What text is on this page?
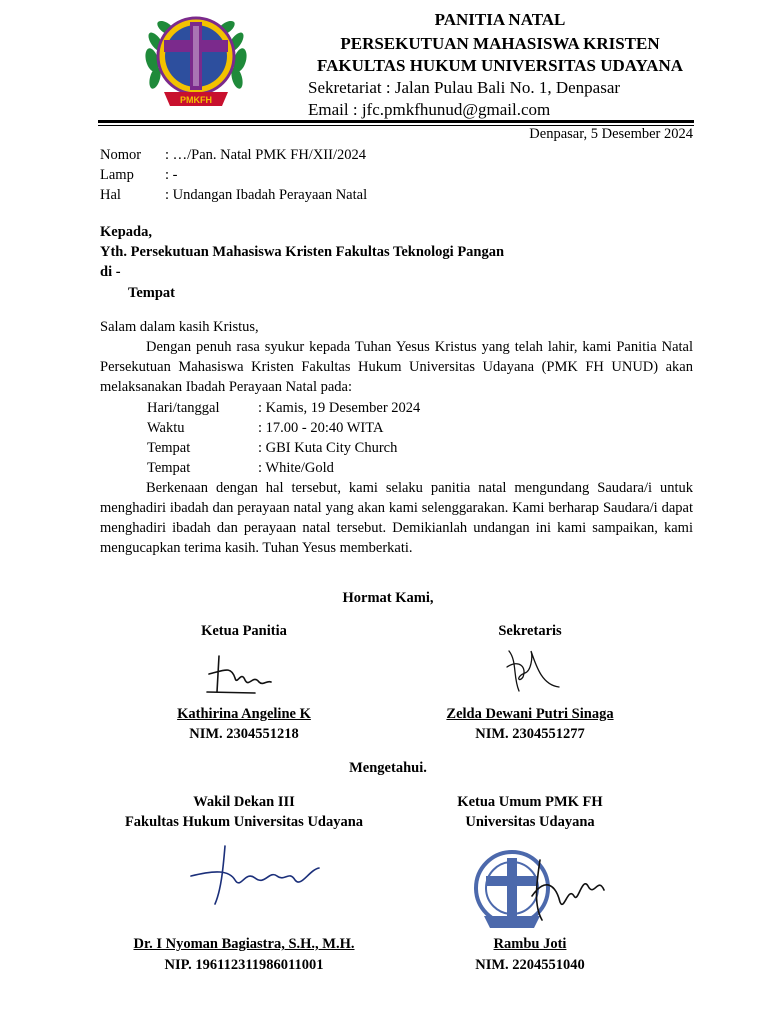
PMKFH
PANITIA NATAL
PERSEKUTUAN MAHASISWA KRISTEN
FAKULTAS HUKUM UNIVERSITAS UDAYANA
Sekretariat : Jalan Pulau Bali No. 1, Denpasar
Email : jfc.pmkfhunud@gmail.com
Denpasar, 5 Desember 2024
Nomor : …/Pan. Natal PMK FH/XII/2024
Lamp : -
Hal	: Undangan Ibadah Perayaan Natal
Kepada,
Yth. Persekutuan Mahasiswa Kristen Fakultas Teknologi Pangan
di -
Tempat
Salam dalam kasih Kristus,
Dengan penuh rasa syukur kepada Tuhan Yesus Kristus yang telah lahir, kami Panitia Natal Persekutuan Mahasiswa Kristen Fakultas Hukum Universitas Udayana (PMK FH UNUD) akan melaksanakan Ibadah Perayaan Natal pada:
Hari/tanggal	: Kamis, 19 Desember 2024
Waktu	: 17.00 - 20:40 WITA
Tempat	: GBI Kuta City Church
Tempat	: White/Gold
Berkenaan dengan hal tersebut, kami selaku panitia natal mengundang Saudara/i untuk menghadiri ibadah dan perayaan natal yang akan kami selenggarakan. Kami berharap Saudara/i dapat menghadiri ibadah dan perayaan natal tersebut. Demikianlah undangan ini kami sampaikan, kami mengucapkan terima kasih. Tuhan Yesus memberkati.
Hormat Kami,
Ketua Panitia	Sekretaris
Kathirina Angeline K	Zelda Dewani Putri Sinaga
NIM. 2304551218	NIM. 2304551277
Mengetahui.
Wakil Dekan III
Fakultas Hukum Universitas Udayana
Ketua Umum PMK FH
Universitas Udayana
Dr. I Nyoman Bagiastra, S.H., M.H.	Rambu Joti
NIP. 196112311986011001	NIM. 2204551040
